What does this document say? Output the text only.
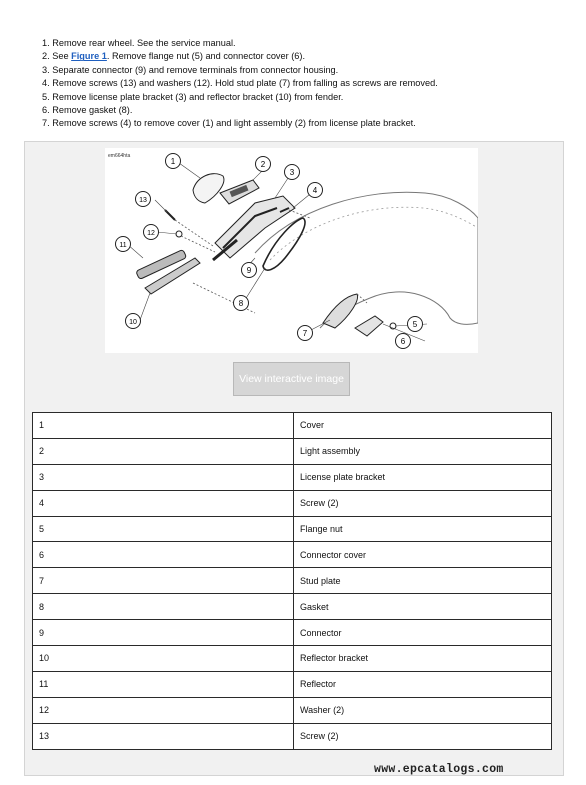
1. Remove rear wheel. See the service manual.
2. See Figure 1. Remove flange nut (5) and connector cover (6).
3. Separate connector (9) and remove terminals from connector housing.
4. Remove screws (13) and washers (12). Hold stud plate (7) from falling as screws are removed.
5. Remove license plate bracket (3) and reflector bracket (10) from fender.
6. Remove gasket (8).
7. Remove screws (4) to remove cover (1) and light assembly (2) from license plate bracket.
em664hta
1	2
3
4
5
6
7
8
9
10
11
12
13
View interactive image
1	Cover
2	Light assembly
3	License plate bracket
4	Screw (2)
5	Flange nut
6	Connector cover
7	Stud plate
8	Gasket
9	Connector
10	Reflector bracket
11	Reflector
12	Washer (2)
13	Screw (2)
www.epcatalogs.com
